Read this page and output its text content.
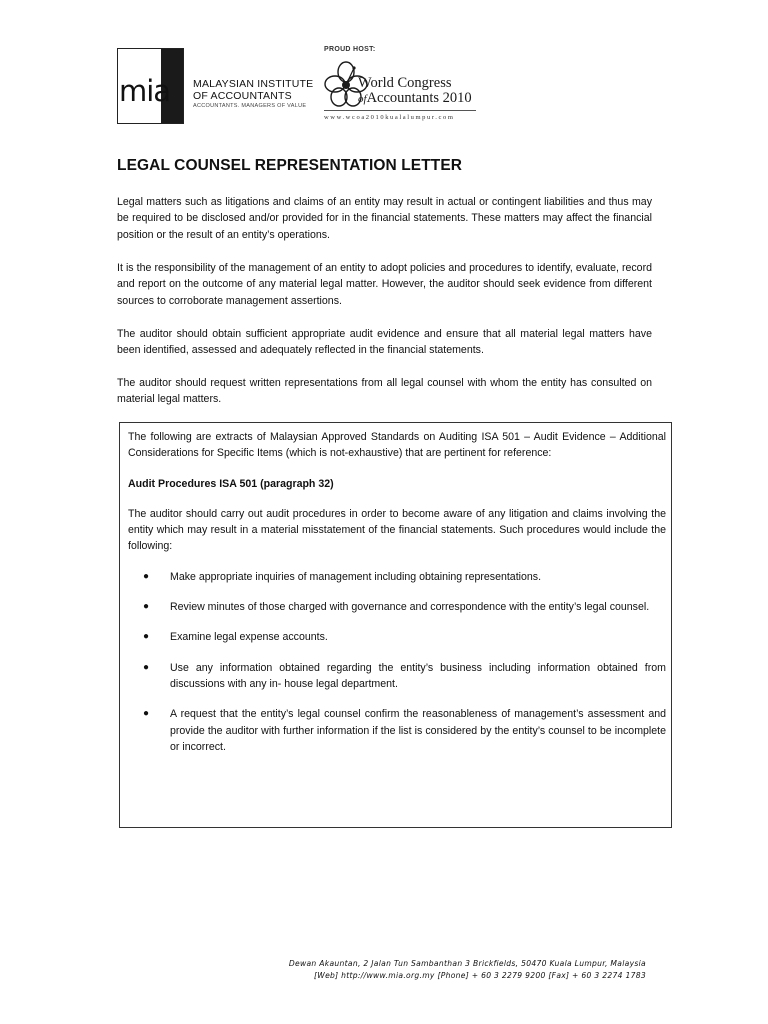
mia MALAYSIAN INSTITUTE
OF ACCOUNTANTS
ACCOUNTANTS. MANAGERS OF VALUE
PROUD HOST:
World Congress
ofAccountants 2010
www.wcoa2010kualalumpur.com
LEGAL COUNSEL REPRESENTATION LETTER

Legal matters such as litigations and claims of an entity may result in actual or contingent liabilities and thus may be required to be disclosed and/or provided for in the financial statements. These matters may affect the financial position or the result of an entity’s operations.

It is the responsibility of the management of an entity to adopt policies and procedures to identify, evaluate, record and report on the outcome of any material legal matter. However, the auditor should seek evidence from different sources to corroborate management assertions.

The auditor should obtain sufficient appropriate audit evidence and ensure that all material legal matters have been identified, assessed and adequately reflected in the financial statements.

The auditor should request written representations from all legal counsel with whom the entity has consulted on material legal matters.

The following are extracts of Malaysian Approved Standards on Auditing ISA 501 – Audit Evidence – Additional Considerations for Specific Items (which is not-exhaustive) that are pertinent for reference:

Audit Procedures ISA 501 (paragraph 32)

The auditor should carry out audit procedures in order to become aware of any litigation and claims involving the entity which may result in a material misstatement of the financial statements. Such procedures would include the following:

● Make appropriate inquiries of management including obtaining representations.
● Review minutes of those charged with governance and correspondence with the entity’s legal counsel.
● Examine legal expense accounts.
● Use any information obtained regarding the entity’s business including information obtained from discussions with any in- house legal department.
● A request that the entity’s legal counsel confirm the reasonableness of management’s assessment and provide the auditor with further information if the list is considered by the entity’s counsel to be incomplete or incorrect.
Dewan Akauntan, 2 Jalan Tun Sambanthan 3 Brickfields, 50470 Kuala Lumpur, Malaysia
[Web] http://www.mia.org.my [Phone] + 60 3 2279 9200 [Fax] + 60 3 2274 1783
